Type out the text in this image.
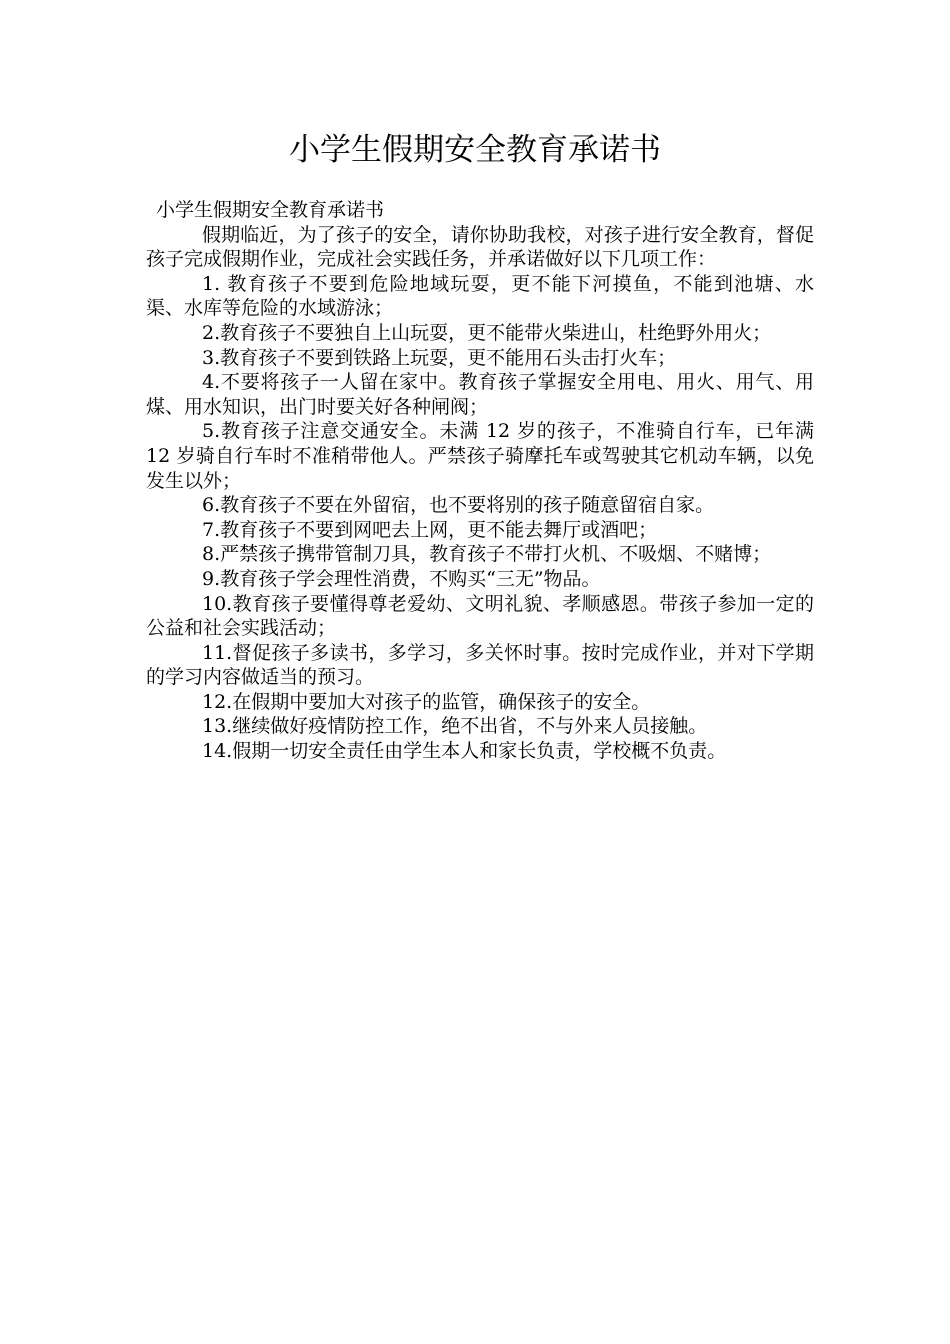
小学生假期安全教育承诺书

小学生假期安全教育承诺书

假期临近，为了孩子的安全，请你协助我校，对孩子进行安全教育，督促孩子完成假期作业，完成社会实践任务，并承诺做好以下几项工作：

1. 教育孩子不要到危险地域玩耍，更不能下河摸鱼，不能到池塘、水渠、水库等危险的水域游泳；

2.教育孩子不要独自上山玩耍，更不能带火柴进山，杜绝野外用火；

3.教育孩子不要到铁路上玩耍，更不能用石头击打火车；

4.不要将孩子一人留在家中。教育孩子掌握安全用电、用火、用气、用煤、用水知识，出门时要关好各种闸阀；

5.教育孩子注意交通安全。未满 12 岁的孩子，不准骑自行车，已年满 12 岁骑自行车时不准稍带他人。严禁孩子骑摩托车或驾驶其它机动车辆，以免发生以外；

6.教育孩子不要在外留宿，也不要将别的孩子随意留宿自家。

7.教育孩子不要到网吧去上网，更不能去舞厅或酒吧；

8.严禁孩子携带管制刀具，教育孩子不带打火机、不吸烟、不赌博；

9.教育孩子学会理性消费，不购买“三无”物品。

10.教育孩子要懂得尊老爱幼、文明礼貌、孝顺感恩。带孩子参加一定的公益和社会实践活动；

11.督促孩子多读书，多学习，多关怀时事。按时完成作业，并对下学期的学习内容做适当的预习。

12.在假期中要加大对孩子的监管，确保孩子的安全。

13.继续做好疫情防控工作，绝不出省，不与外来人员接触。

14.假期一切安全责任由学生本人和家长负责，学校概不负责。
